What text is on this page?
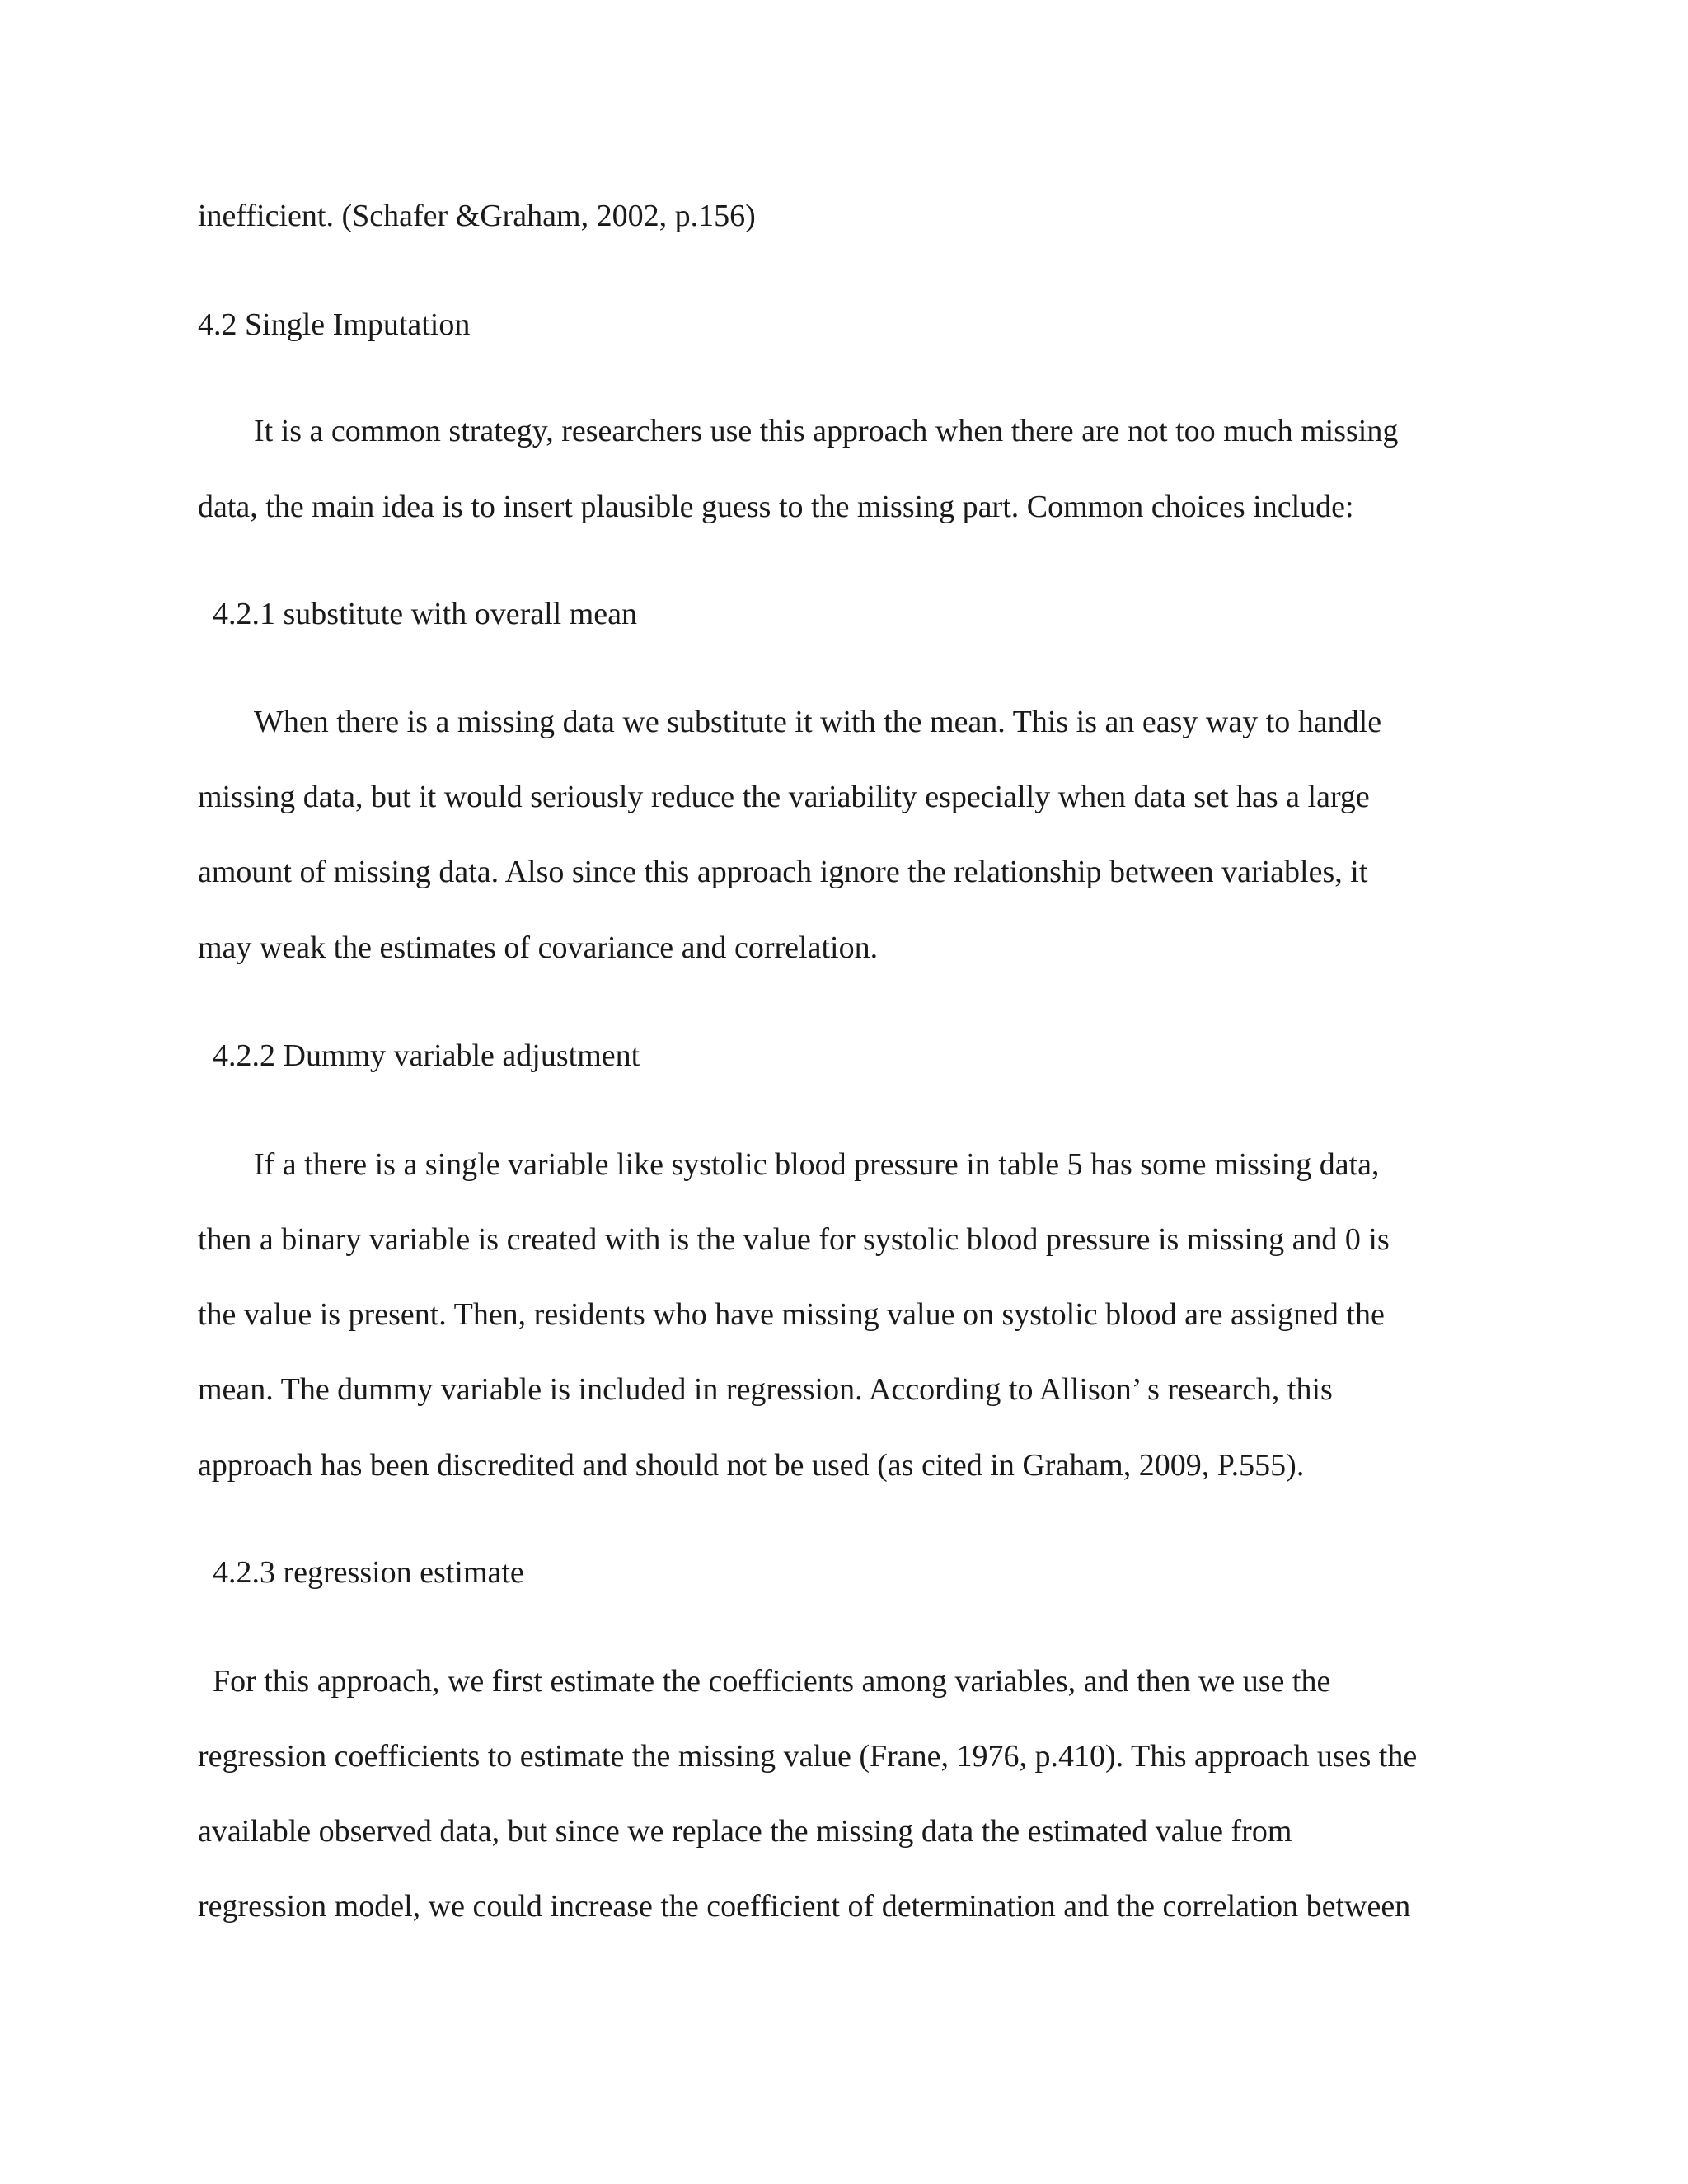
inefficient. (Schafer &Graham, 2002, p.156)

4.2 Single Imputation

It is a common strategy, researchers use this approach when there are not too much missing

data, the main idea is to insert plausible guess to the missing part. Common choices include:

4.2.1 substitute with overall mean

When there is a missing data we substitute it with the mean. This is an easy way to handle

missing data, but it would seriously reduce the variability especially when data set has a large

amount of missing data. Also since this approach ignore the relationship between variables, it

may weak the estimates of covariance and correlation.

4.2.2 Dummy variable adjustment

If a there is a single variable like systolic blood pressure in table 5 has some missing data,

then a binary variable is created with is the value for systolic blood pressure is missing and 0 is

the value is present. Then, residents who have missing value on systolic blood are assigned the

mean. The dummy variable is included in regression. According to Allison’ s research, this

approach has been discredited and should not be used (as cited in Graham, 2009, P.555).

4.2.3 regression estimate

For this approach, we first estimate the coefficients among variables, and then we use the

regression coefficients to estimate the missing value (Frane, 1976, p.410). This approach uses the

available observed data, but since we replace the missing data the estimated value from

regression model, we could increase the coefficient of determination and the correlation between
